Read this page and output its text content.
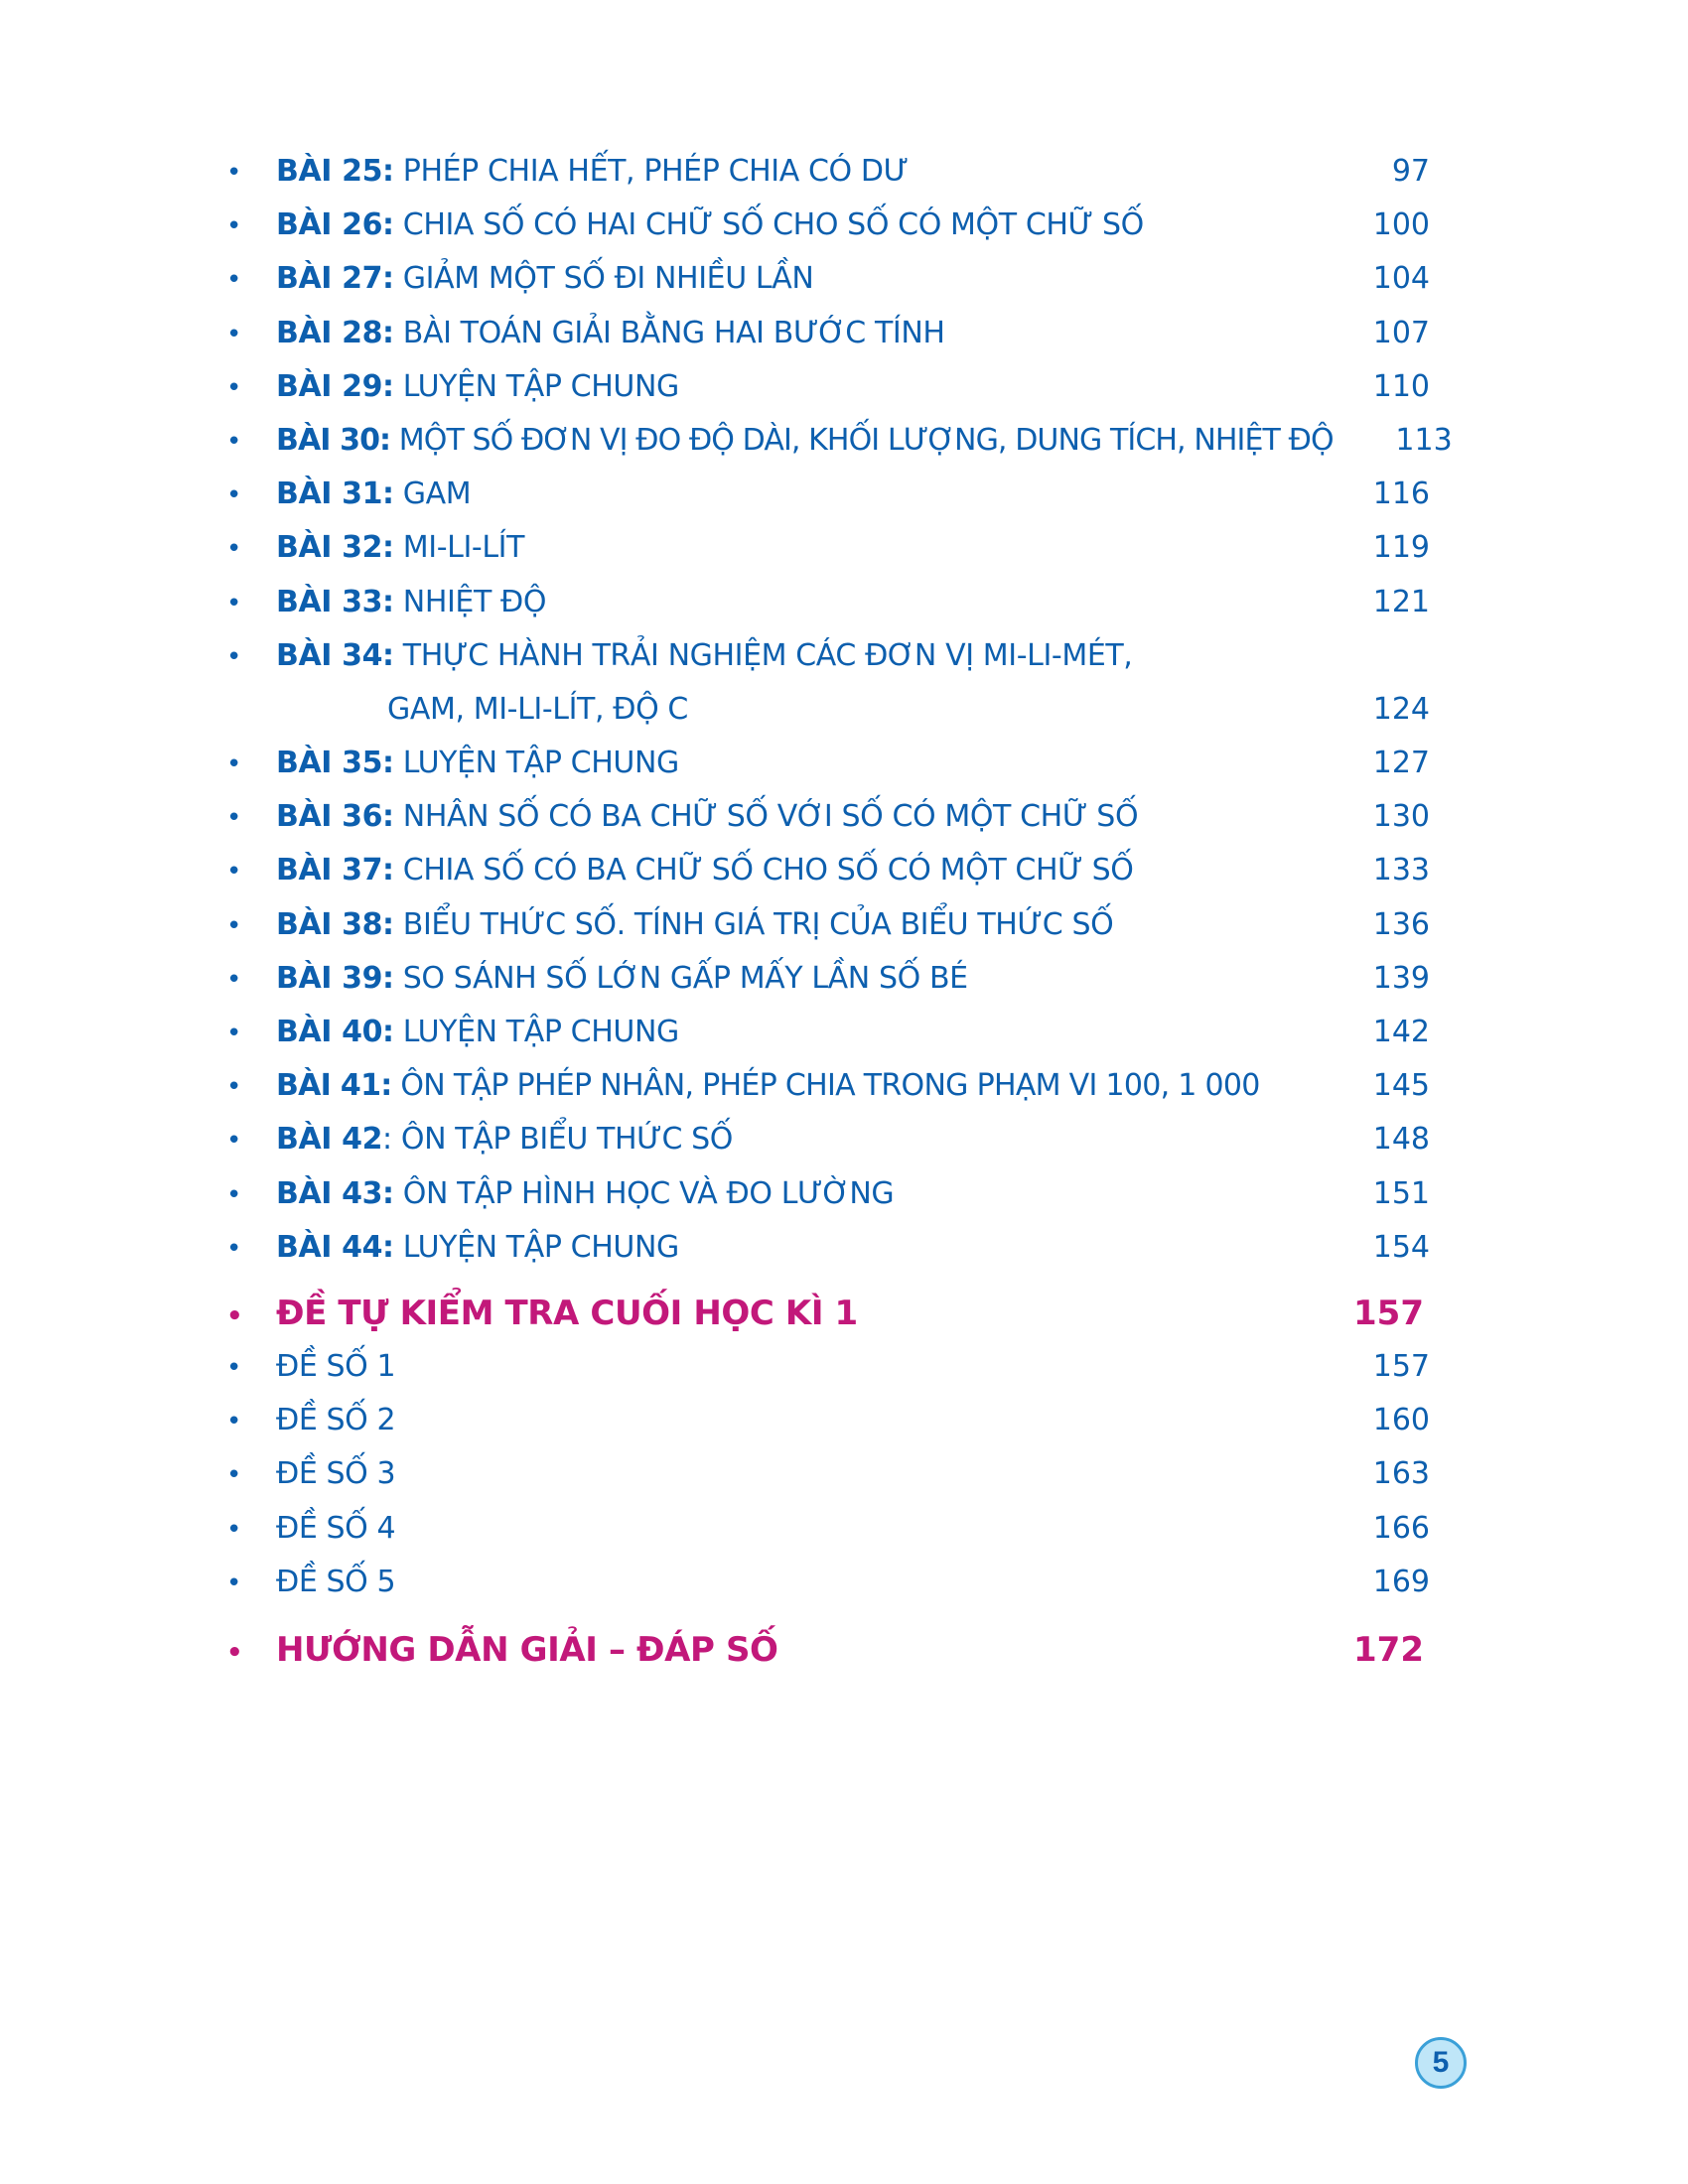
•
BÀI 25: PHÉP CHIA HẾT, PHÉP CHIA CÓ DƯ	97
•
BÀI 26: CHIA SỐ CÓ HAI CHỮ SỐ CHO SỐ CÓ MỘT CHỮ SỐ	100
•
BÀI 27: GIẢM MỘT SỐ ĐI NHIỀU LẦN	104
•
BÀI 28: BÀI TOÁN GIẢI BẰNG HAI BƯỚC TÍNH	107
•
BÀI 29: LUYỆN TẬP CHUNG	110
•
BÀI 30: MỘT SỐ ĐƠN VỊ ĐO ĐỘ DÀI, KHỐI LƯỢNG, DUNG TÍCH, NHIỆT ĐỘ	113
•
BÀI 31: GAM	116
•
BÀI 32: MI-LI-LÍT	119
•
BÀI 33: NHIỆT ĐỘ	121
•
BÀI 34: THỰC HÀNH TRẢI NGHIỆM CÁC ĐƠN VỊ MI-LI-MÉT,
GAM, MI-LI-LÍT, ĐỘ C	124
•
BÀI 35: LUYỆN TẬP CHUNG	127
•
BÀI 36: NHÂN SỐ CÓ BA CHỮ SỐ VỚI SỐ CÓ MỘT CHỮ SỐ	130
•
BÀI 37: CHIA SỐ CÓ BA CHỮ SỐ CHO SỐ CÓ MỘT CHỮ SỐ	133
•
BÀI 38: BIỂU THỨC SỐ. TÍNH GIÁ TRỊ CỦA BIỂU THỨC SỐ	136
•
BÀI 39: SO SÁNH SỐ LỚN GẤP MẤY LẦN SỐ BÉ	139
•
BÀI 40: LUYỆN TẬP CHUNG	142
•
BÀI 41: ÔN TẬP PHÉP NHÂN, PHÉP CHIA TRONG PHẠM VI 100, 1 000	145
•
BÀI 42: ÔN TẬP BIỂU THỨC SỐ	148
•
BÀI 43: ÔN TẬP HÌNH HỌC VÀ ĐO LƯỜNG	151
•
BÀI 44: LUYỆN TẬP CHUNG	154
•
ĐỀ TỰ KIỂM TRA CUỐI HỌC KÌ 1	157
•
ĐỀ SỐ 1	157
•
ĐỀ SỐ 2	160
•
ĐỀ SỐ 3	163
•
ĐỀ SỐ 4	166
•
ĐỀ SỐ 5	169
•
HƯỚNG DẪN GIẢI – ĐÁP SỐ	172
5
